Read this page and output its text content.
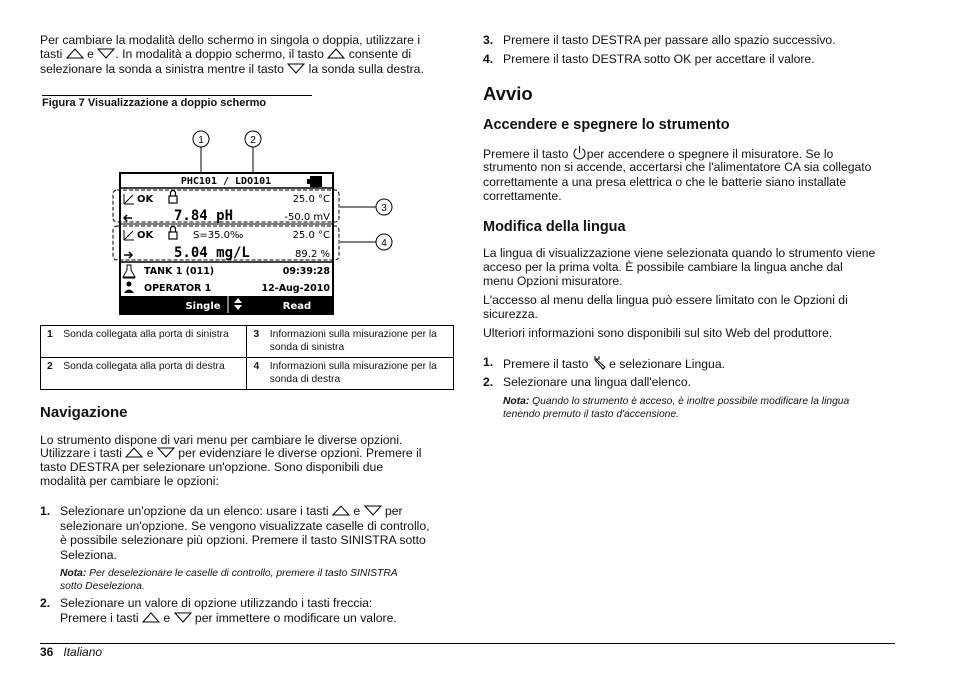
Per cambiare la modalità dello schermo in singola o doppia, utilizzare i

tasti e . In modalità a doppio schermo, il tasto consente di

selezionare la sonda a sinistra mentre il tasto la sonda sulla destra.

Figura 7 Visualizzazione a doppio schermo
1	2
3
4
PHC101 / LDO101
OK	25.0 °C
7.84 pH	-50.0 mV
OK	S=35.0‰	25.0 °C
5.04 mg/L	89.2 %
TANK 1 (011)	09:39:28
OPERATOR 1	12-Aug-2010
Single	Read
1	Sonda collegata alla porta di sinistra	3	Informazioni sulla misurazione per la sonda di sinistra
2	Sonda collegata alla porta di destra	4	Informazioni sulla misurazione per la sonda di destra
Navigazione

Lo strumento dispone di vari menu per cambiare le diverse opzioni.

Utilizzare i tasti e per evidenziare le diverse opzioni. Premere il

tasto DESTRA per selezionare un'opzione. Sono disponibili due

modalità per cambiare le opzioni:

1. Selezionare un'opzione da un elenco: usare i tasti e per
selezionare un'opzione. Se vengono visualizzate caselle di controllo,
è possibile selezionare più opzioni. Premere il tasto SINISTRA sotto
Seleziona.
Nota: Per deselezionare le caselle di controllo, premere il tasto SINISTRA
sotto Deseleziona.
2. Selezionare un valore di opzione utilizzando i tasti freccia:
Premere i tasti e per immettere o modificare un valore.
3. Premere il tasto DESTRA per passare allo spazio successivo.
4. Premere il tasto DESTRA sotto OK per accettare il valore.
Avvio
Accendere e spegnere lo strumento

Premere il tasto per accendere o spegnere il misuratore. Se lo

strumento non si accende, accertarsi che l'alimentatore CA sia collegato

correttamente a una presa elettrica o che le batterie siano installate

correttamente.

Modifica della lingua

La lingua di visualizzazione viene selezionata quando lo strumento viene

acceso per la prima volta. È possibile cambiare la lingua anche dal

menu Opzioni misuratore.

L'accesso al menu della lingua può essere limitato con le Opzioni di

sicurezza.

Ulteriori informazioni sono disponibili sul sito Web del produttore.

1. Premere il tasto e selezionare Lingua.
2. Selezionare una lingua dall'elenco.
Nota: Quando lo strumento è acceso, è inoltre possibile modificare la lingua
tenendo premuto il tasto d'accensione.
36 Italiano
